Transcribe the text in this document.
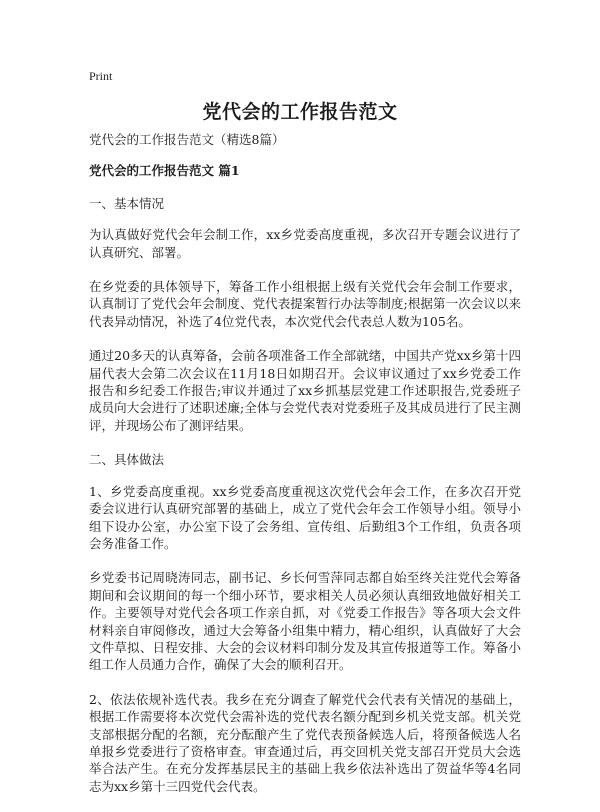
Print
党代会的工作报告范文

党代会的工作报告范文（精选8篇）

党代会的工作报告范文 篇1

一、基本情况

为认真做好党代会年会制工作，xx乡党委高度重视，多次召开专题会议进行了认真研究、部署。

在乡党委的具体领导下，筹备工作小组根据上级有关党代会年会制工作要求，认真制订了党代会年会制度、党代表提案暂行办法等制度;根据第一次会议以来代表异动情况，补选了4位党代表，本次党代会代表总人数为105名。

通过20多天的认真筹备，会前各项准备工作全部就绪，中国共产党xx乡第十四届代表大会第二次会议在11月18日如期召开。会议审议通过了xx乡党委工作报告和乡纪委工作报告;审议并通过了xx乡抓基层党建工作述职报告,党委班子成员向大会进行了述职述廉;全体与会党代表对党委班子及其成员进行了民主测评，并现场公布了测评结果。

二、具体做法

1、乡党委高度重视。xx乡党委高度重视这次党代会年会工作，在多次召开党委会议进行认真研究部署的基础上，成立了党代会年会工作领导小组。领导小组下设办公室，办公室下设了会务组、宣传组、后勤组3个工作组，负责各项会务准备工作。

乡党委书记周晓涛同志，副书记、乡长何雪萍同志都自始至终关注党代会筹备期间和会议期间的每一个细小环节，要求相关人员必须认真细致地做好相关工作。主要领导对党代会各项工作亲自抓，对《党委工作报告》等各项大会文件材料亲自审阅修改，通过大会筹备小组集中精力，精心组织，认真做好了大会文件草拟、日程安排、大会的会议材料印制分发及其宣传报道等工作。筹备小组工作人员通力合作，确保了大会的顺利召开。

2、依法依规补选代表。我乡在充分调查了解党代会代表有关情况的基础上，根据工作需要将本次党代会需补选的党代表名额分配到乡机关党支部。机关党支部根据分配的名额，充分酝酿产生了党代表预备候选人后，将预备候选人名单报乡党委进行了资格审查。审查通过后，再交回机关党支部召开党员大会选举合法产生。在充分发挥基层民主的基础上我乡依法补选出了贺益华等4名同志为xx乡第十三四党代会代表。
